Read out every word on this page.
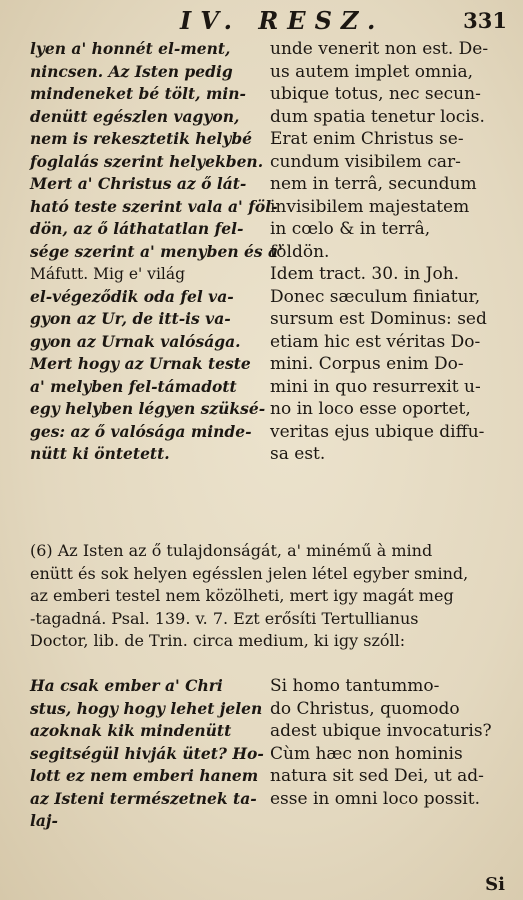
IV. RESZ.	331
lyen a' honnét el-ment,
nincsen. Az Isten pedig
mindeneket bé tölt, min-
denütt egészlen vagyon,
nem is rekesztetik helybé
foglalás szerint helyekben.
Mert a' Christus az ő lát-
ható teste szerint vala a' föl-
dön, az ő láthatatlan fel-
sége szerint a' menyben és a'
Máfutt. Mig e' világ
el-végeződik oda fel va-
gyon az Ur, de itt-is va-
gyon az Urnak valósága.
Mert hogy az Urnak teste
a' melyben fel-támadott
egy helyben légyen szüksé-
ges: az ő valósága minde-
nütt ki öntetett.
unde venerit non est. De-
us autem implet omnia,
ubique totus, nec secun-
dum spatia tenetur locis.
Erat enim Christus se-
cundum visibilem car-
nem in terrâ, secundum
invisibilem majestatem
in cœlo & in terrâ,
földön.
Idem tract. 30. in Joh.
Donec sæculum finiatur,
sursum est Dominus: sed
etiam hic est véritas Do-
mini. Corpus enim Do-
mini in quo resurrexit u-
no in loco esse oportet,
veritas ejus ubique diffu-
sa est.
(6) Az Isten az ő tulajdonságát, a' minémű à mind
enütt és sok helyen egésslen jelen létel egyber smind,
az emberi testel nem közölheti, mert igy magát meg
-tagadná. Psal. 139. v. 7. Ezt erősíti Tertullianus
Doctor, lib. de Trin. circa medium, ki igy szóll:
Ha csak ember a' Chri
stus, hogy hogy lehet jelen
azoknak kik mindenütt
segitségül hivják ütet? Ho-
lott ez nem emberi hanem
az Isteni természetnek ta-
laj-
Si homo tantummo-
do Christus, quomodo
adest ubique invocaturis?
Cùm hæc non hominis
natura sit sed Dei, ut ad-
esse in omni loco possit.
Si
